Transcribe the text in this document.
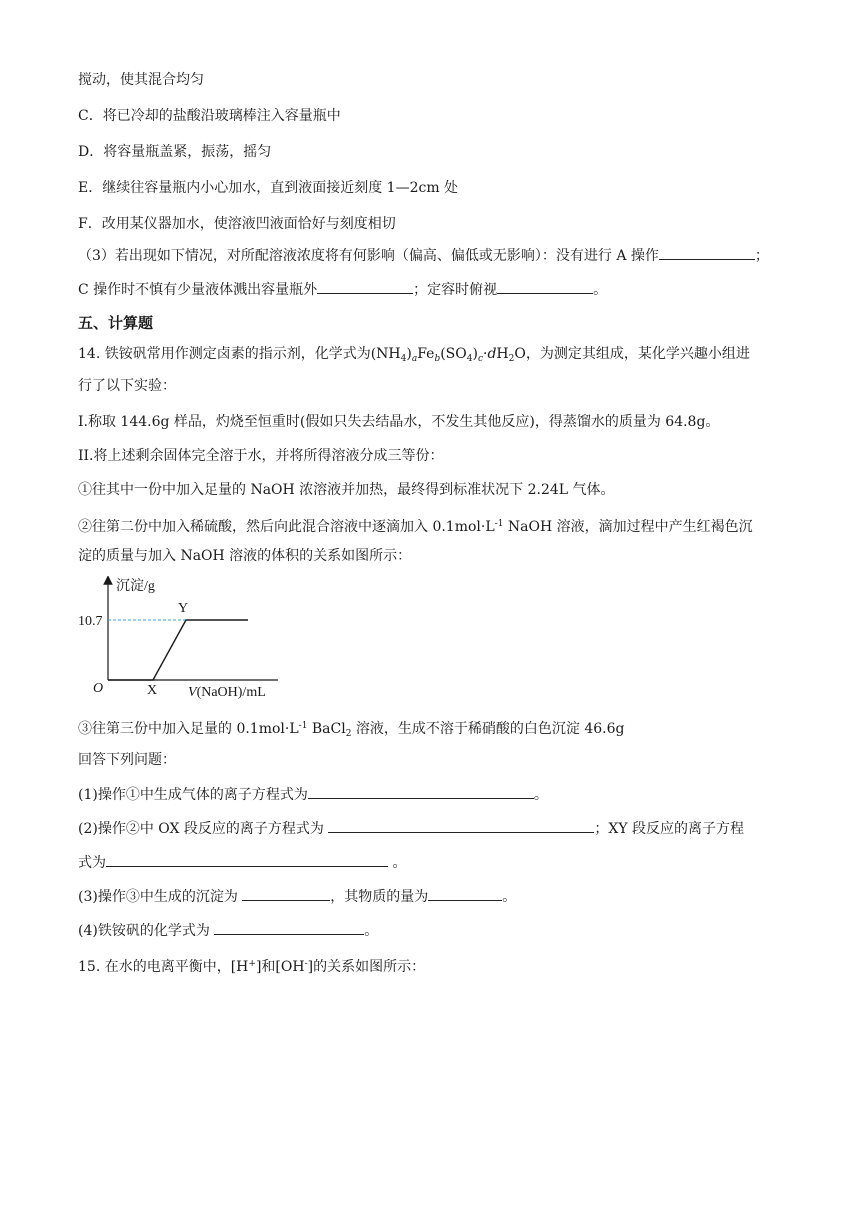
搅动，使其混合均匀
C．将已冷却的盐酸沿玻璃棒注入容量瓶中
D．将容量瓶盖紧，振荡，摇匀
E．继续往容量瓶内小心加水，直到液面接近刻度 1—2cm 处
F．改用某仪器加水，使溶液凹液面恰好与刻度相切
（3）若出现如下情况，对所配溶液浓度将有何影响（偏高、偏低或无影响）：没有进行 A 操作	；
C 操作时不慎有少量液体溅出容量瓶外	；定容时俯视	。
五、计算题
14. 铁铵矾常用作测定卤素的指示剂，化学式为$(NH_4)_aFe_b(SO_4)_c\cdot dH_2O$，为测定其组成，某化学兴趣小组进
行了以下实验：
I.称取 144.6g 样品，灼烧至恒重时(假如只失去结晶水，不发生其他反应)，得蒸馏水的质量为 64.8g。
II.将上述剩余固体完全溶于水，并将所得溶液分成三等份：
①往其中一份中加入足量的 NaOH 浓溶液并加热，最终得到标准状况下 2.24L 气体。
②往第二份中加入稀硫酸，然后向此混合溶液中逐滴加入 $0.1mol\cdot L^{-1}$ NaOH 溶液，滴加过程中产生红褐色沉
淀的质量与加入 NaOH 溶液的体积的关系如图所示：
沉淀/g
10.7
Y
O	X V(NaOH)/mL
③往第三份中加入足量的 $0.1mol\cdot L^{-1}$ BaCl$_2$ 溶液，生成不溶于稀硝酸的白色沉淀 46.6g
回答下列问题：
(1)操作①中生成气体的离子方程式为	。
(2)操作②中 OX 段反应的离子方程式为	；XY 段反应的离子方程
式为	。
(3)操作③中生成的沉淀为	，其物质的量为	。
(4)铁铵矾的化学式为	。
15. 在水的电离平衡中，[H+]和[OH-]的关系如图所示：
